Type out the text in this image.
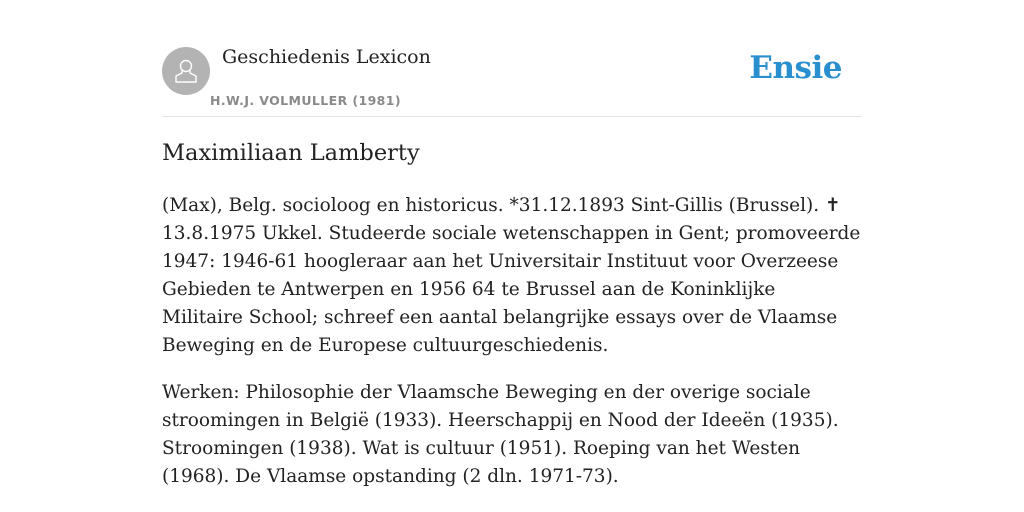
Geschiedenis Lexicon
H.W.J. VOLMULLER (1981)
Ensie
Maximiliaan Lamberty

(Max), Belg. socioloog en historicus. *31.12.1893 Sint-Gillis (Brussel). ✝ 13.8.1975 Ukkel. Studeerde sociale wetenschappen in Gent; promoveerde 1947: 1946-61 hoogleraar aan het Universitair Instituut voor Overzeese Gebieden te Antwerpen en 1956 64 te Brussel aan de Koninklijke Militaire School; schreef een aantal belangrijke essays over de Vlaamse Beweging en de Europese cultuurgeschiedenis.

Werken: Philosophie der Vlaamsche Beweging en der overige sociale stroomingen in België (1933). Heerschappij en Nood der Ideeën (1935). Stroomingen (1938). Wat is cultuur (1951). Roeping van het Westen (1968). De Vlaamse opstanding (2 dln. 1971-73).
